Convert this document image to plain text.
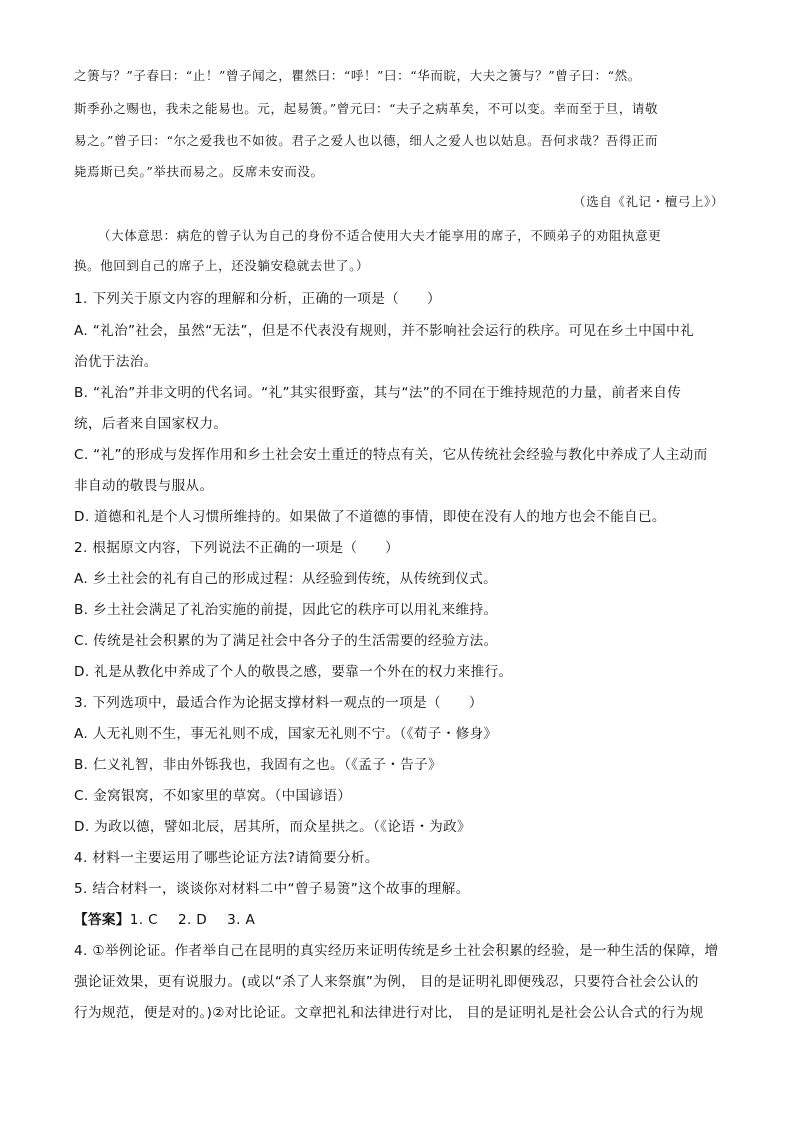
之箦与？”子春曰：“止！”曾子闻之，瞿然曰：“呼！”曰：“华而睆，大夫之箦与？”曾子曰：“然。
斯季孙之赐也，我未之能易也。元，起易箦。”曾元曰：“夫子之病革矣，不可以变。幸而至于旦，请敬
易之。”曾子曰：“尔之爱我也不如彼。君子之爱人也以德，细人之爱人也以姑息。吾何求哉？吾得正而
毙焉斯已矣。”举扶而易之。反席未安而没。
（选自《礼记・檀弓上》）
（大体意思：病危的曾子认为自己的身份不适合使用大夫才能享用的席子，不顾弟子的劝阻执意更
换。他回到自己的席子上，还没躺安稳就去世了。）
1. 下列关于原文内容的理解和分析，正确的一项是（　　）
A. “礼治”社会，虽然“无法”，但是不代表没有规则，并不影响社会运行的秩序。可见在乡土中国中礼
治优于法治。
B. “礼治”并非文明的代名词。“礼”其实很野蛮，其与“法”的不同在于维持规范的力量，前者来自传
统，后者来自国家权力。
C. “礼”的形成与发挥作用和乡土社会安土重迁的特点有关，它从传统社会经验与教化中养成了人主动而
非自动的敬畏与服从。
D. 道德和礼是个人习惯所维持的。如果做了不道德的事情，即使在没有人的地方也会不能自已。
2. 根据原文内容，下列说法不正确的一项是（　　）
A. 乡土社会的礼有自己的形成过程：从经验到传统，从传统到仪式。
B. 乡土社会满足了礼治实施的前提，因此它的秩序可以用礼来维持。
C. 传统是社会积累的为了满足社会中各分子的生活需要的经验方法。
D. 礼是从教化中养成了个人的敬畏之感，要靠一个外在的权力来推行。
3. 下列选项中，最适合作为论据支撑材料一观点的一项是（　　）
A. 人无礼则不生，事无礼则不成，国家无礼则不宁。（《荀子・修身》
B. 仁义礼智，非由外铄我也，我固有之也。（《孟子・告子》
C. 金窝银窝，不如家里的草窝。（中国谚语）
D. 为政以德，譬如北辰，居其所，而众星拱之。（《论语・为政》
4. 材料一主要运用了哪些论证方法?请简要分析。
5. 结合材料一，谈谈你对材料二中“曾子易箦”这个故事的理解。
【答案】1. C 2. D 3. A
4. ①举例论证。作者举自己在昆明的真实经历来证明传统是乡土社会积累的经验，是一种生活的保障，增
强论证效果，更有说服力。(或以“杀了人来祭旗”为例， 目的是证明礼即便残忍，只要符合社会公认的
行为规范，便是对的。)②对比论证。文章把礼和法律进行对比， 目的是证明礼是社会公认合式的行为规
